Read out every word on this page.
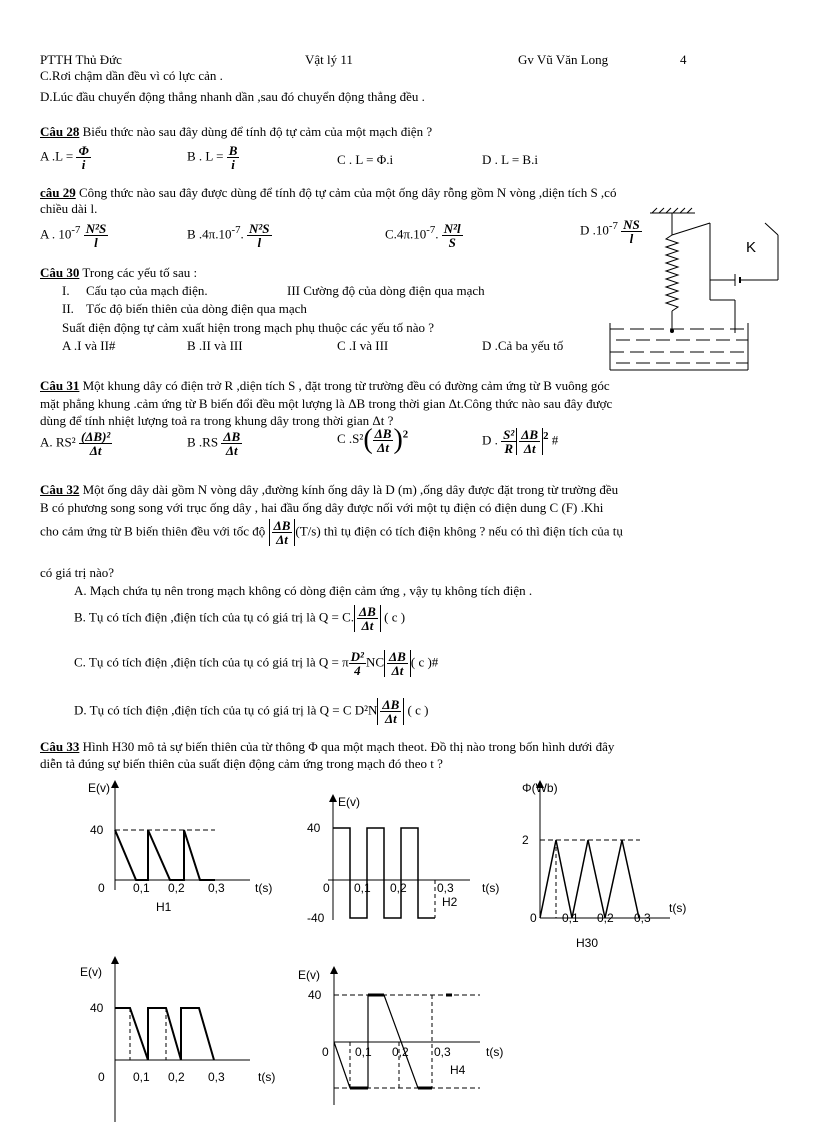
PTTH Thủ Đức	Vật lý 11	Gv Vũ Văn Long	4
C.Rơi chậm dần đều vì có lực cản .
D.Lúc đầu chuyển động thẳng nhanh dần ,sau đó chuyển động thẳng đều .
Câu 28 Biểu thức nào sau đây dùng để tính độ tự cảm của một mạch điện ?
A $.L = \frac{\Phi}{i}$	B . $L = \frac{B}{i}$	C . L = Φ.i	D . L = B.i
câu 29 Công thức nào sau đây được dùng để tính độ tự cảm của một ống dây rỗng gồm N vòng ,diện tích S ,có
chiều dài l.
A . $10^{-7} \frac{\text{N²S}}{l}$	B $.4\pi.10^{-7}$. $\frac{\text{N²S}}{l}$	$C.4\pi.10^{-7}$. $\frac{\text{N²l}}{S}$	D $.10^{-7} \frac{NS}{l}$
Câu 30 Trong các yếu tố sau :
I. Cấu tạo của mạch điện.	III Cường độ của dòng điện qua mạch
II. Tốc độ biến thiên của dòng điện qua mạch
Suất điện động tự cảm xuất hiện trong mạch phụ thuộc các yếu tố nào ?
A .I và II#	B .II và III	C .I và III	D .Cả ba yếu tố
K
Câu 31 Một khung dây có điện trở R ,diện tích S , đặt trong từ trường đều có đường cảm ứng từ B vuông góc
mặt phẳng khung .cảm ứng từ B biến đổi đều một lượng là ΔB trong thời gian Δt.Công thức nào sau đây được
dùng để tính nhiệt lượng toả ra trong khung dây trong thời gian Δt ?
A. $RS^2 \frac{\text{(ΔB)²}}{\Delta t}$	B $.RS \frac{\Delta B}{\Delta t}$	C $.S^2( \frac{\Delta B}{\Delta t} )^2$	D . $\frac{\text{S²}}{R} \frac{\Delta B}{\Delta t} ^2$ #
Câu 32 Một ống dây dài gồm N vòng dây ,đường kính ống dây là D (m) ,ống dây được đặt trong từ trường đều
B có phương song song với trục ống dây , hai đầu ống dây được nối với một tụ điện có điện dung C (F) .Khi
cho cảm ứng từ B biến thiên đều với tốc độ $\frac{\Delta B}{\Delta t} (T/s)$ thì tụ điện có tích điện không ? nếu có thì điện tích của tụ
có giá trị nào?
A. Mạch chứa tụ nên trong mạch không có dòng điện cảm ứng , vậy tụ không tích điện .
B. Tụ có tích điện ,điện tích của tụ có giá trị là Q = C. $\frac{\Delta B}{\Delta t}$ ( c )
C. Tụ có tích điện ,điện tích của tụ có giá trị là Q = π $\frac{\text{D²}}{4}$ NC $\frac{\Delta B}{\Delta t}$ ( c )#
D. Tụ có tích điện ,điện tích của tụ có giá trị là Q = C $D^2N \frac{\Delta B}{\Delta t}$ ( c )
Câu 33 Hình H30 mô tả sự biến thiên của từ thông Φ qua một mạch theot. Đồ thị nào trong bốn hình dưới đây
diễn tả đúng sự biến thiên của suất điện động cảm ứng trong mạch đó theo t ?
E(v)
40
0 0,1 0,2 0,3	t(s)
H1
E(v)
40
-40
0 0,1 0,2	0,3 t(s)
H2
Φ(Wb)
2
0 0,1 0,2 0,3
t(s)
H30
E(v)
40
0 0,1 0,2 0,3	t(s)
E(v)
40
0 0,1 0,2 0,3	t(s)
H4
